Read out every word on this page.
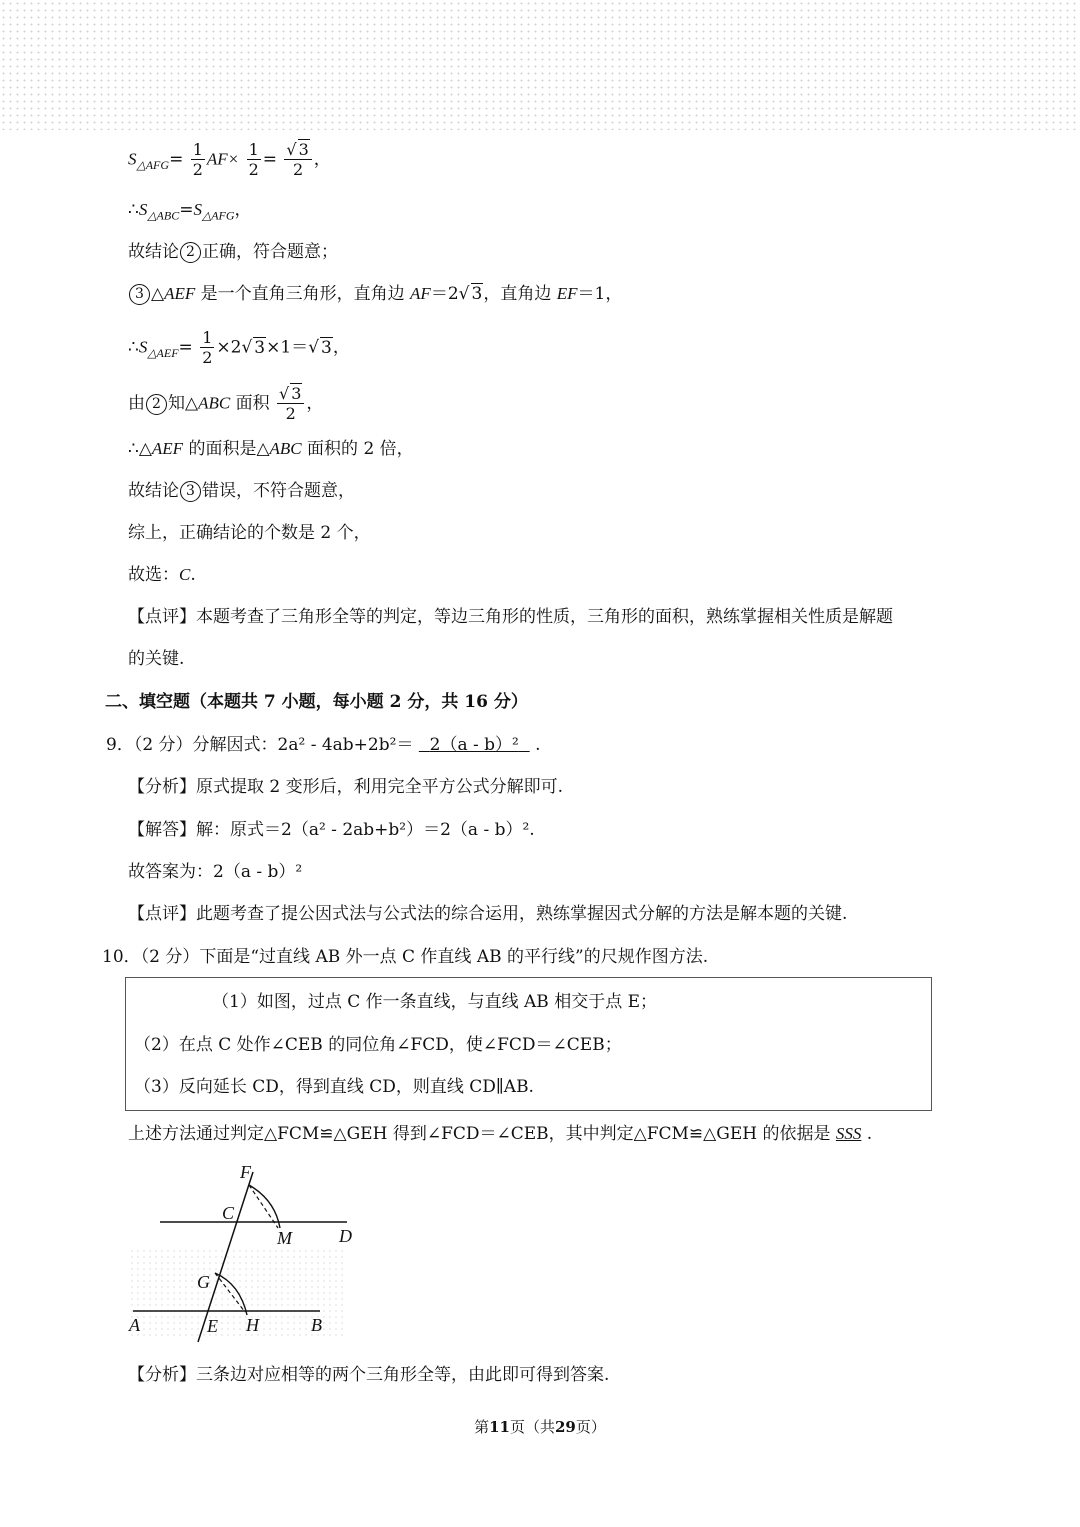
$S_{\triangle AFG}= \frac{1}{2} AF\times \frac{1}{2} = \frac{√ 3}{2}$ ，
$\therefore S_{\triangle ABC}=S_{\triangle AFG}$，
故结论 2 正确，符合题意；
3 △AEF 是一个直角三角形，直角边 AF＝2√ 3，直角边 EF＝1，
$\therefore S_{\triangle AEF}= \frac{1}{2} \times 2√$ 3×1＝√ 3，
由 2 知△ABC 面积 $\frac{√ 3}{2}$ ，
∴△AEF 的面积是△ABC 面积的 2 倍，
故结论 3 错误，不符合题意，
综上，正确结论的个数是 2 个，
故选：C.
【点评】本题考查了三角形全等的判定，等边三角形的性质，三角形的面积，熟练掌握相关性质是解题
的关键.
二、填空题（本题共 7 小题，每小题 2 分，共 16 分）
9．（2 分）分解因式：2a² - 4ab+2b²＝ 2（a - b）² .
【分析】原式提取 2 变形后，利用完全平方公式分解即可.
【解答】解：原式＝2（a² - 2ab+b²）＝2（a - b）².
故答案为：2（a - b）²
【点评】此题考查了提公因式法与公式法的综合运用，熟练掌握因式分解的方法是解本题的关键.
10．（2 分）下面是“过直线 AB 外一点 C 作直线 AB 的平行线”的尺规作图方法.
（1）如图，过点 C 作一条直线，与直线 AB 相交于点 E；
（2）在点 C 处作∠CEB 的同位角∠FCD，使∠FCD＝∠CEB；
（3）反向延长 CD，得到直线 CD，则直线 CD∥AB.
上述方法通过判定△FCM≌△GEH 得到∠FCD＝∠CEB，其中判定△FCM≌△GEH 的依据是 SSS .
F
C
M	D
G
A	E H	B
【分析】三条边对应相等的两个三角形全等，由此即可得到答案.
第11页（共29页）
